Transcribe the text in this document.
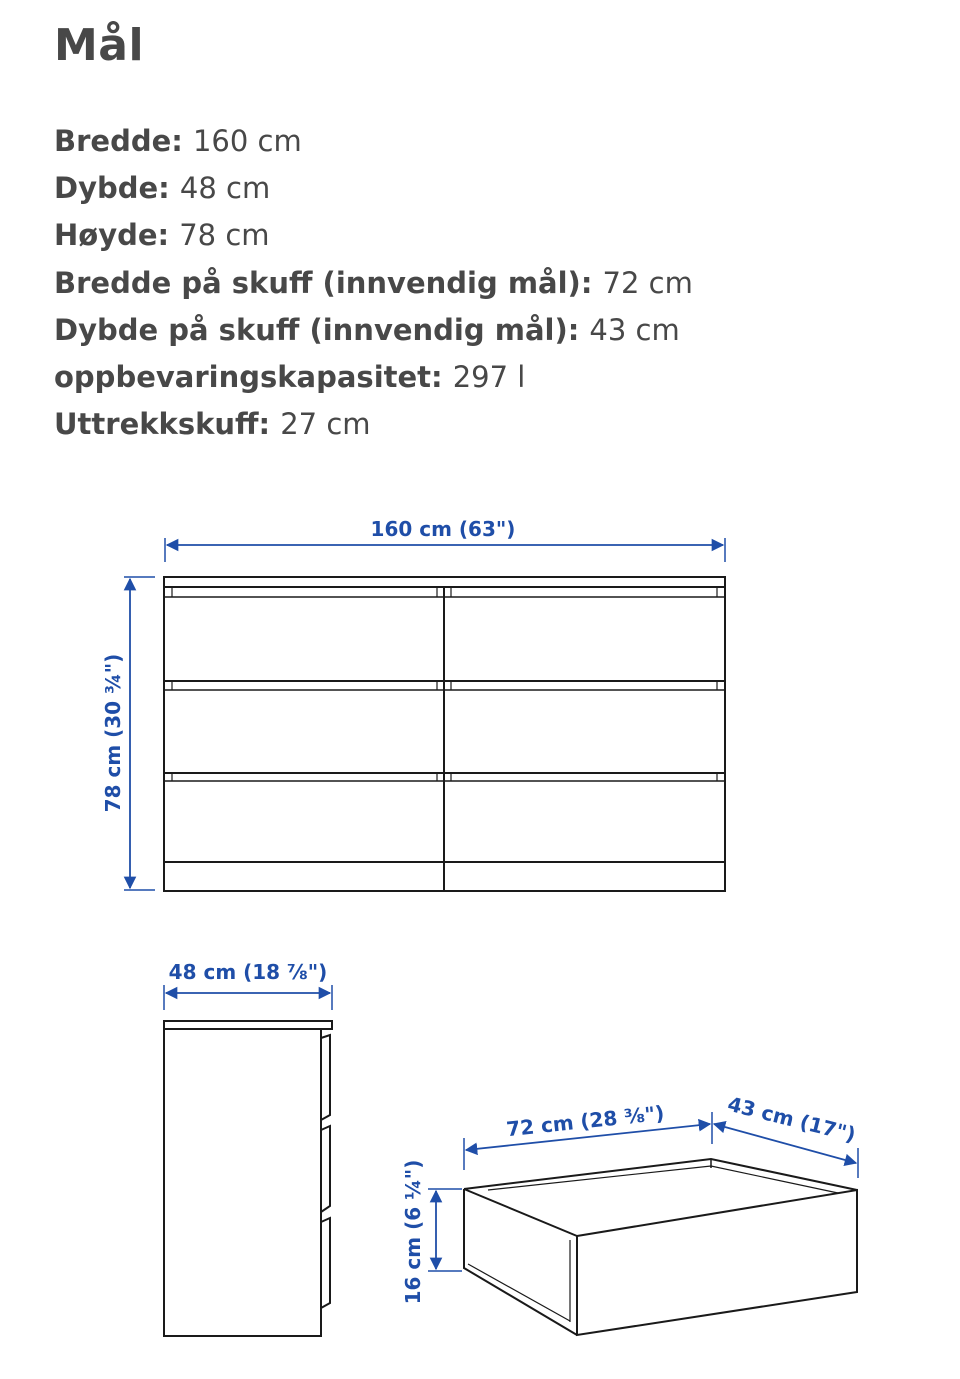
Mål
Bredde: 160 cm
Dybde: 48 cm
Høyde: 78 cm
Bredde på skuff (innvendig mål): 72 cm
Dybde på skuff (innvendig mål): 43 cm
oppbevaringskapasitet: 297 l
Uttrekkskuff: 27 cm
160 cm (63")
78 cm (30 ¾")
48 cm (18 ⅞")
72 cm (28 ⅜")	43 cm (17")
16 cm (6 ¼")
